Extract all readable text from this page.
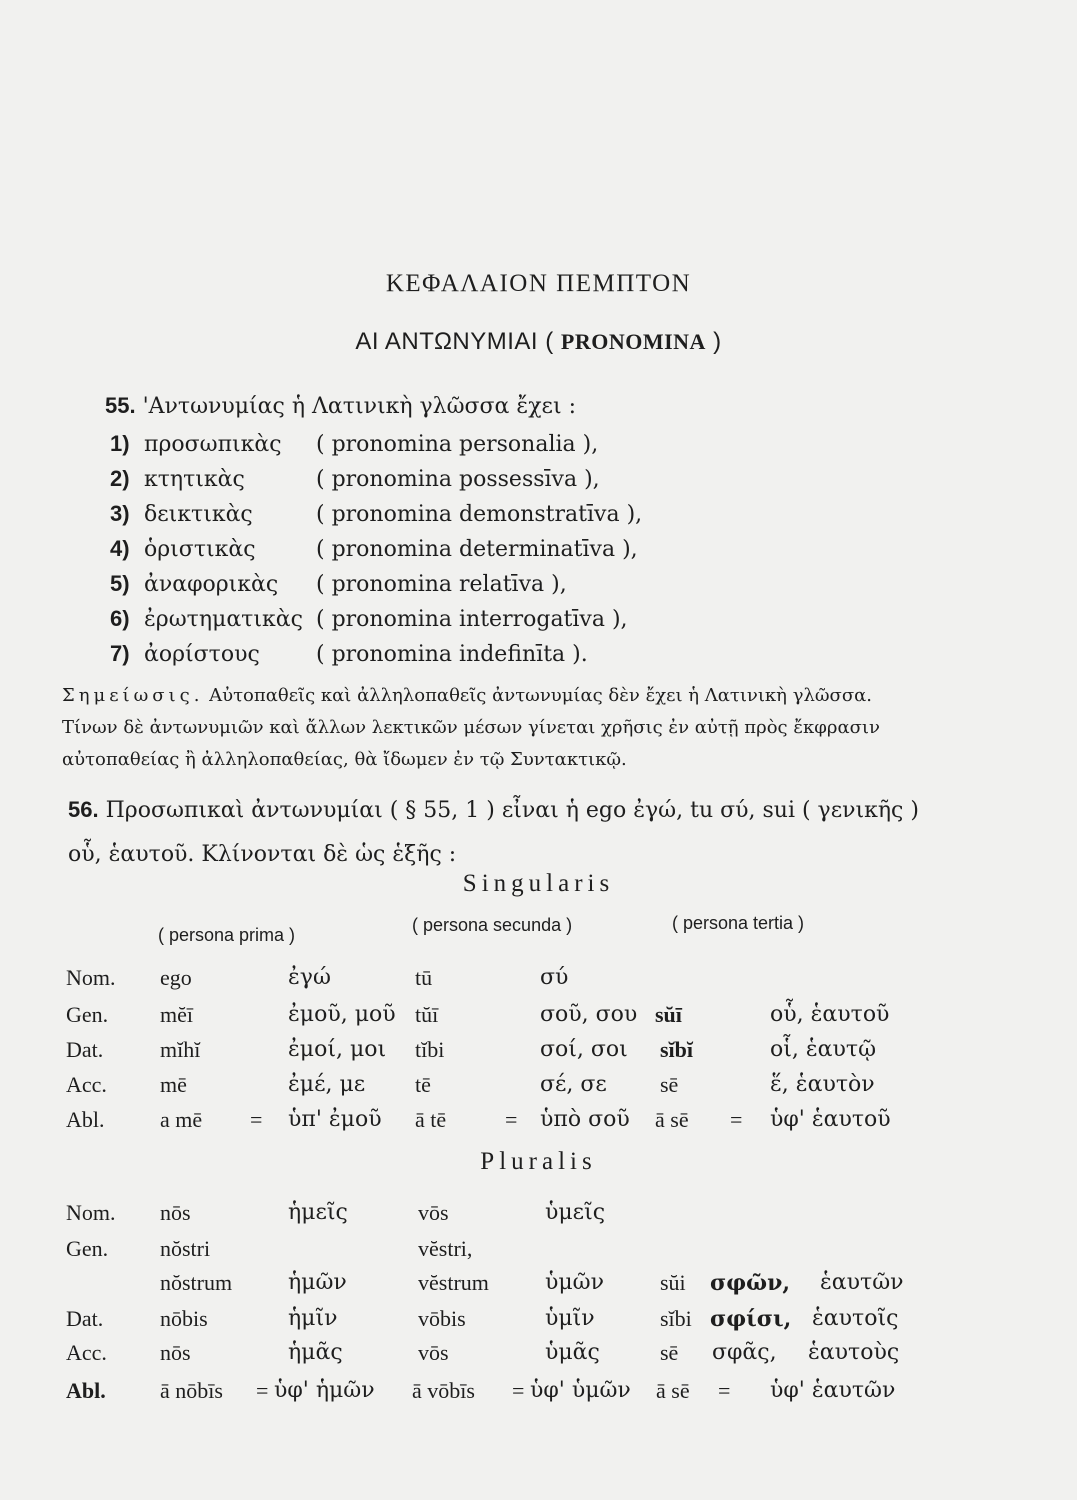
ΚΕΦΑΛΑΙΟΝ ΠΕΜΠΤΟΝ
ΑΙ ΑΝΤΩΝΥΜΙΑΙ ( PRONOMINA )
55. 'Αντωνυμίας ἡ Λατινικὴ γλῶσσα ἔχει :
1) προσωπικὰς ( pronomina personalia ),
2) κτητικὰς	( pronomina possessīva ),
3) δεικτικὰς	( pronomina demonstratīva ),
4) ὁριστικὰς	( pronomina determinatīva ),
5) ἀναφορικὰς ( pronomina relatīva ),
6) ἐρωτηματικὰς ( pronomina interrogatīva ),
7) ἀορίστους	( pronomina indefinīta ).
Σημείωσις. Αὐτοπαθεῖς καὶ ἀλληλοπαθεῖς ἀντωνυμίας δὲν ἔχει ἡ Λατινικὴ γλῶσσα. Τίνων δὲ ἀντωνυμιῶν καὶ ἄλλων λεκτικῶν μέσων γίνεται χρῆσις ἐν αὐτῇ πρὸς ἔκφρασιν αὐτοπαθείας ἢ ἀλληλοπαθείας, θὰ ἴδωμεν ἐν τῷ Συντακτικῷ.
56. Προσωπικαὶ ἀντωνυμίαι ( § 55, 1 ) εἶναι ἡ ego ἐγώ, tu σύ, sui ( γενικῆς ) οὗ, ἑαυτοῦ. Κλίνονται δὲ ὡς ἑξῆς :
Singularis
( persona prima )	( persona secunda )	( persona tertia )
Nom. ego	ἐγώ	tū	σύ
Gen. mĕī	ἐμοῦ, μοῦ tŭī	σοῦ, σου sŭī	οὗ, ἑαυτοῦ
Dat.	mĭhĭ	ἐμοί, μοι tĭbi	σοί, σοι sĭbĭ	οἷ, ἑαυτῷ
Acc. mē	ἐμέ, με tē	σέ, σε sē	ἕ, ἑαυτὸν
Abl.	a mē = ὑπ' ἐμοῦ ā tē	= ὑπὸ σοῦ ā sē = ὑφ' ἑαυτοῦ
Pluralis
Nom. nōs	ἡμεῖς	vōs	ὑμεῖς
Gen. nŏstri	vĕstri,
nŏstrum	ἡμῶν	vĕstrum	ὑμῶν	sŭi σφῶν, ἑαυτῶν
Dat.	nōbis	ἡμῖν	vōbis	ὑμῖν	sĭbi σφίσι, ἑαυτοῖς
Acc. nōs	ἡμᾶς	vōs	ὑμᾶς	sē σφᾶς, ἑαυτοὺς
Abl. ā nōbīs = ὑφ' ἡμῶν ā vōbīs = ὑφ' ὑμῶν ā sē = ὑφ' ἑαυτῶν
